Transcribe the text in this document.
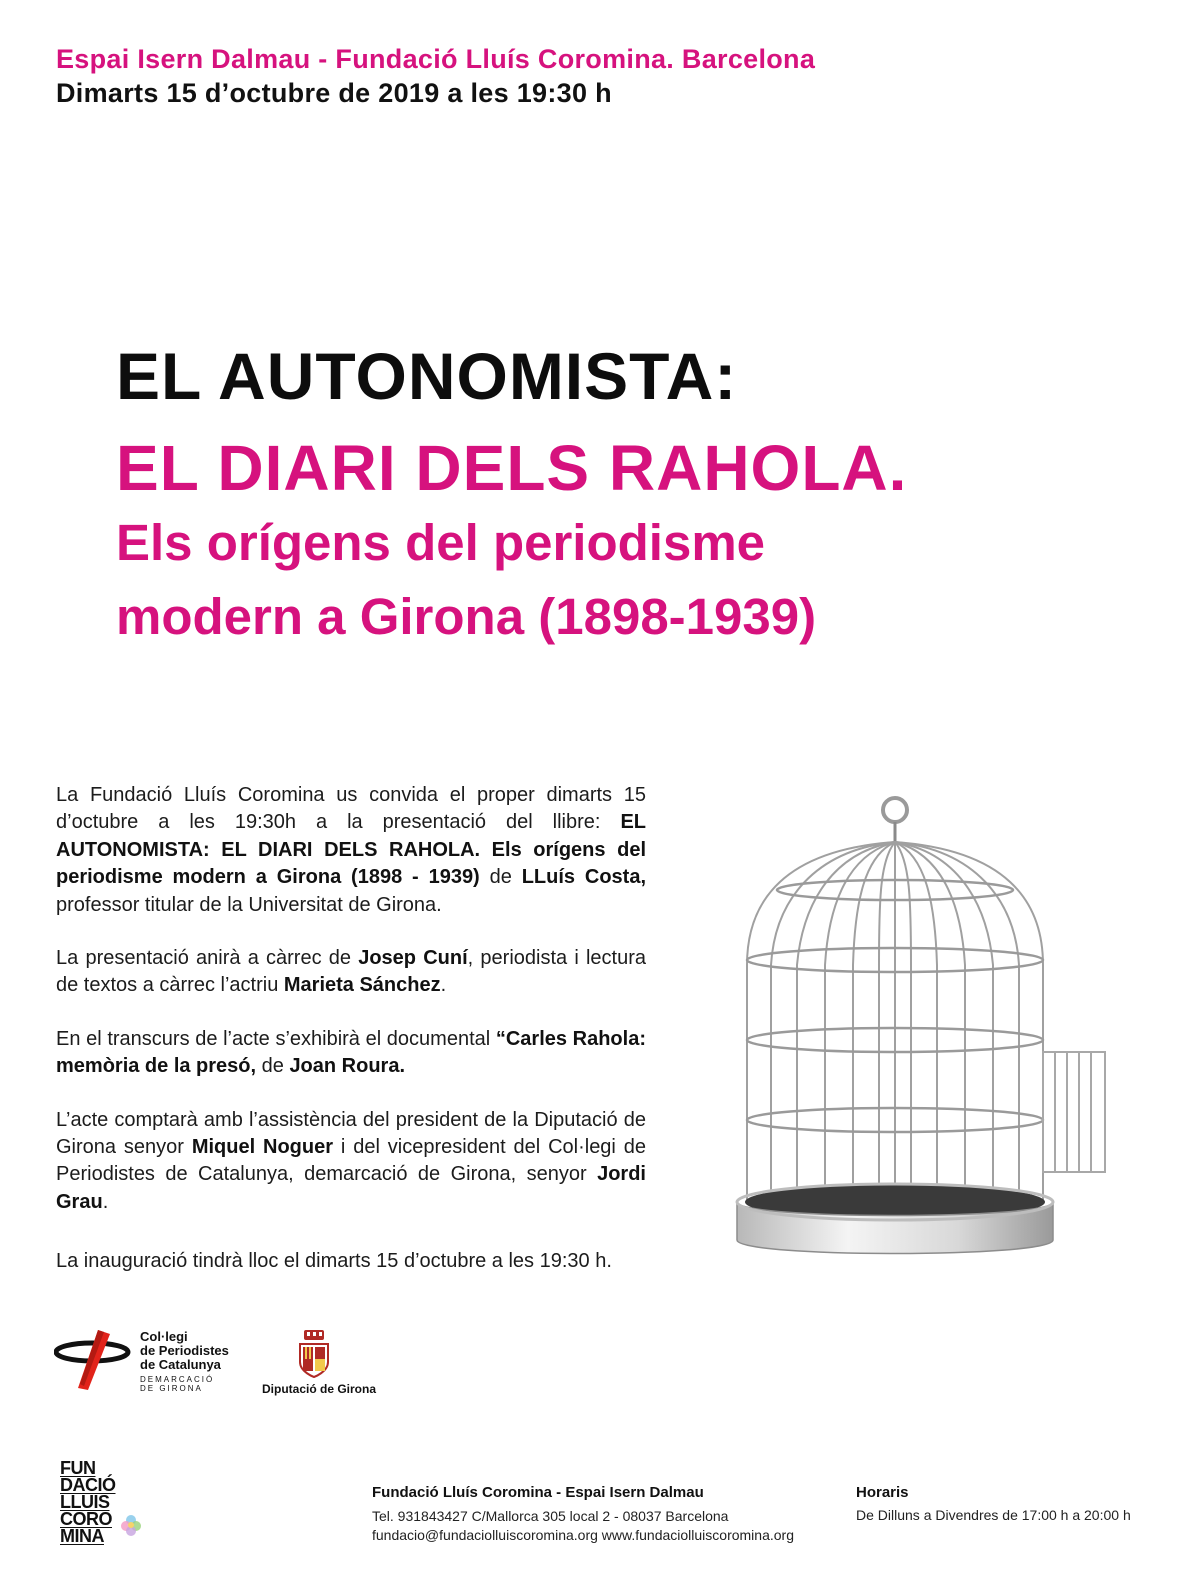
Espai Isern Dalmau - Fundació Lluís Coromina. Barcelona
Dimarts 15 d’octubre de 2019 a les 19:30 h
EL AUTONOMISTA:
EL DIARI DELS RAHOLA.
Els orígens del periodisme
modern a Girona (1898-1939)

La Fundació Lluís Coromina us convida el proper dimarts 15 d’octubre a les 19:30h a la presentació del llibre: EL AUTONOMISTA: EL DIARI DELS RAHOLA. Els orígens del periodisme modern a Girona (1898 - 1939) de LLuís Costa, professor titular de la Universitat de Girona.

La presentació anirà a càrrec de Josep Cuní, periodista i lectura de textos a càrrec l’actriu Marieta Sánchez.

En el transcurs de l’acte s’exhibirà el documental “Carles Rahola: memòria de la presó, de Joan Roura.

L’acte comptarà amb l’assistència del president de la Diputació de Girona senyor Miquel Noguer i del vicepresident del Col·legi de Periodistes de Catalunya, demarcació de Girona, senyor Jordi Grau.

La inauguració tindrà lloc el dimarts 15 d’octubre a les 19:30 h.
Col·legi
de Periodistes
de Catalunya
DEMARCACIÓ
DE GIRONA	Diputació de Girona
FUN
DACIÓ
LLUIS
CORO
MINA
Fundació Lluís Coromina - Espai Isern Dalmau
Tel. 931843427 C/Mallorca 305 local 2 - 08037 Barcelona
fundacio@fundaciolluiscoromina.org www.fundaciolluiscoromina.org
Horaris
De Dilluns a Divendres de 17:00 h a 20:00 h
